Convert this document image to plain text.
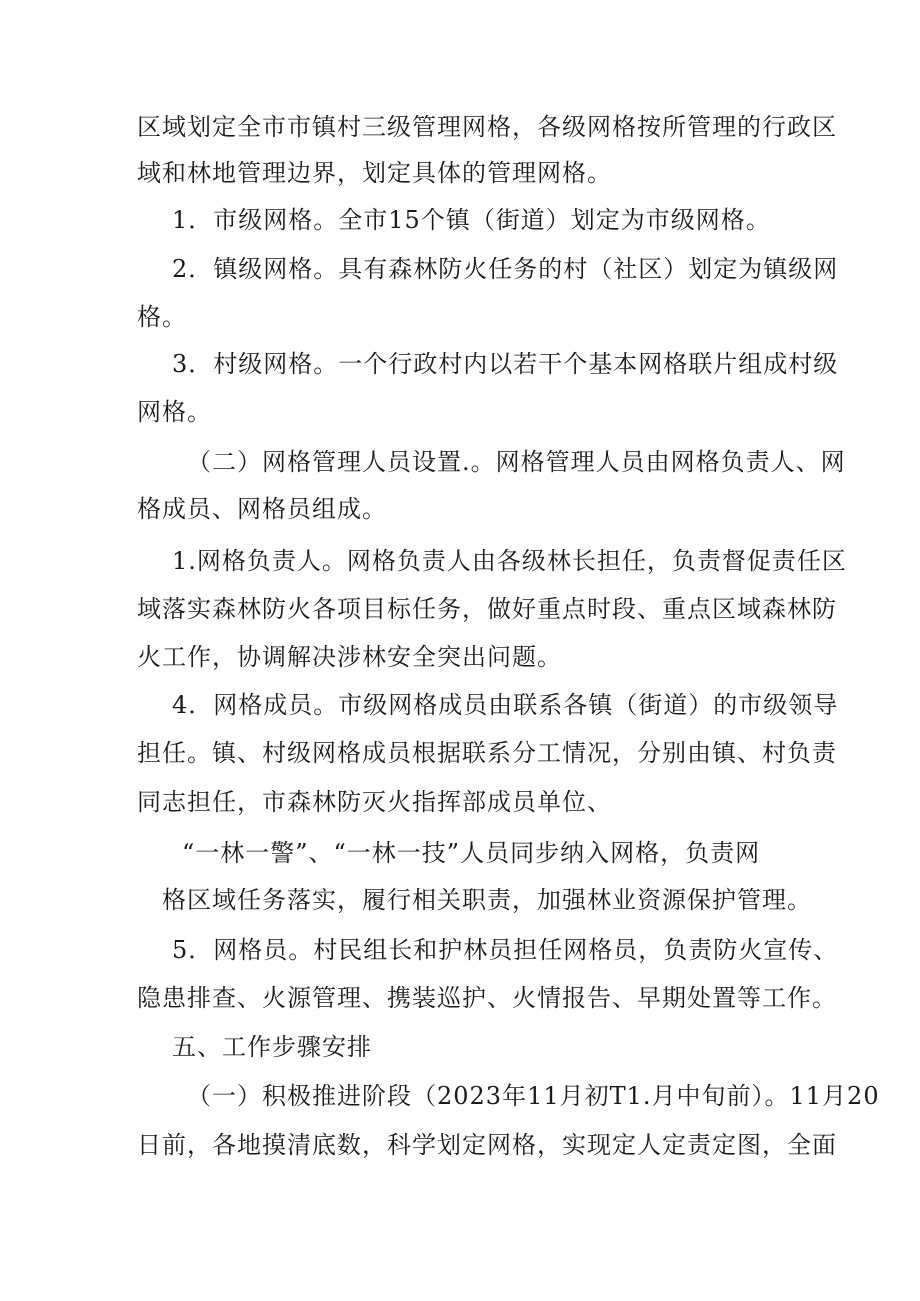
区域划定全市市镇村三级管理网格，各级网格按所管理的行政区
域和林地管理边界，划定具体的管理网格。
1．市级网格。全市15个镇（街道）划定为市级网格。
2．镇级网格。具有森林防火任务的村（社区）划定为镇级网
格。
3．村级网格。一个行政村内以若干个基本网格联片组成村级
网格。
（二）网格管理人员设置.。网格管理人员由网格负责人、网
格成员、网格员组成。
1.网格负责人。网格负责人由各级林长担任，负责督促责任区
域落实森林防火各项目标任务，做好重点时段、重点区域森林防
火工作，协调解决涉林安全突出问题。
4．网格成员。市级网格成员由联系各镇（街道）的市级领导
担任。镇、村级网格成员根据联系分工情况，分别由镇、村负责
同志担任，市森林防灭火指挥部成员单位、
“一林一警”、“一林一技”人员同步纳入网格，负责网
格区域任务落实，履行相关职责，加强林业资源保护管理。
5．网格员。村民组长和护林员担任网格员，负责防火宣传、
隐患排查、火源管理、携装巡护、火情报告、早期处置等工作。
五、工作步骤安排
（一）积极推进阶段（2023年11月初T1.月中旬前）。11月20
日前，各地摸清底数，科学划定网格，实现定人定责定图，全面
